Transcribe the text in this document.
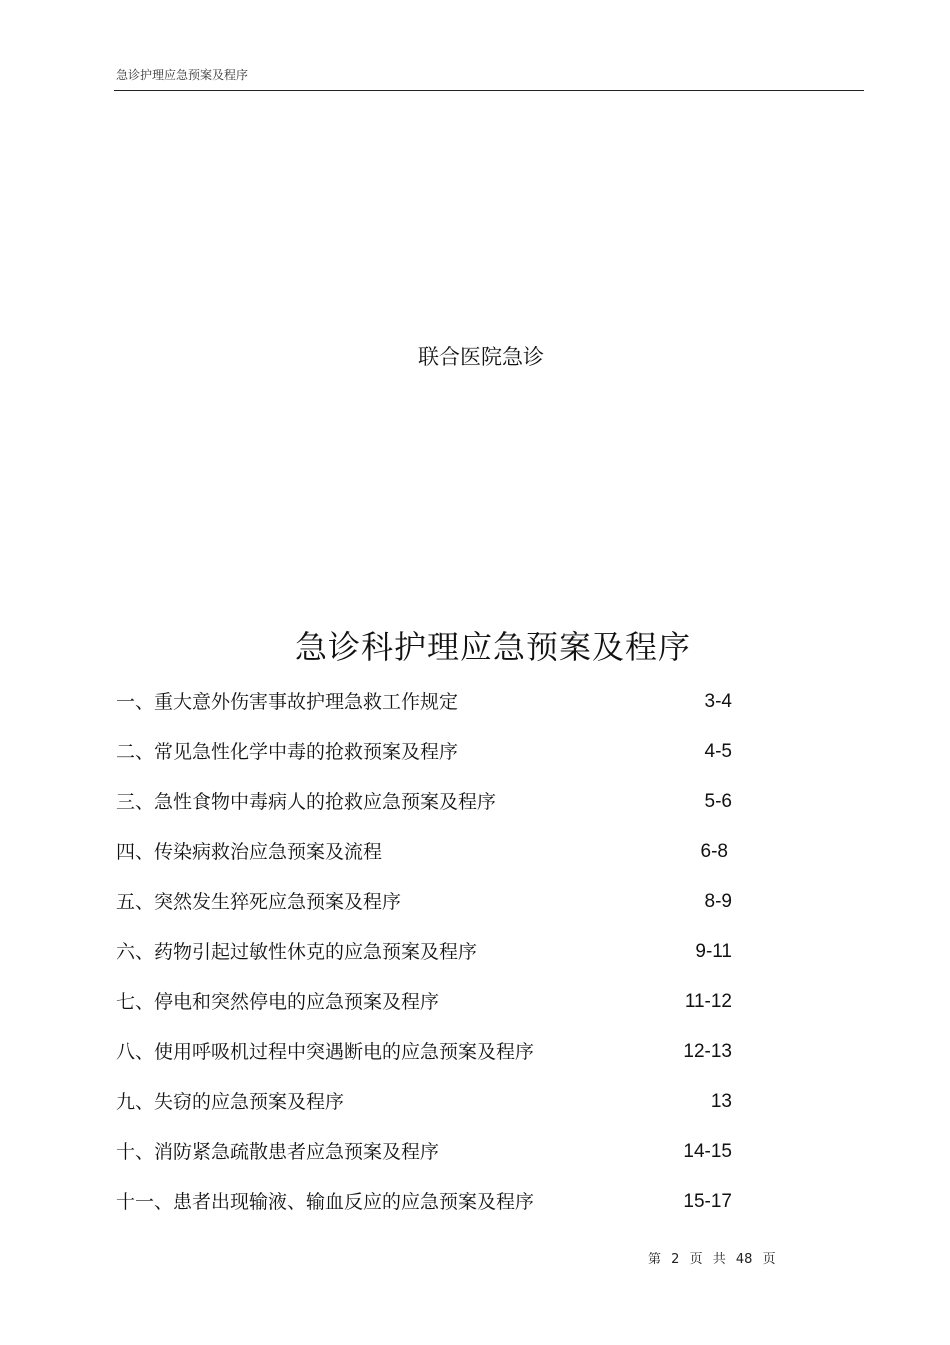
急诊护理应急预案及程序
联合医院急诊
急诊科护理应急预案及程序
一、重大意外伤害事故护理急救工作规定	3-4
二、常见急性化学中毒的抢救预案及程序	4-5
三、急性食物中毒病人的抢救应急预案及程序	5-6
四、传染病救治应急预案及流程	6-8
五、突然发生猝死应急预案及程序	8-9
六、药物引起过敏性休克的应急预案及程序	9-11
七、停电和突然停电的应急预案及程序	11-12
八、使用呼吸机过程中突遇断电的应急预案及程序	12-13
九、失窃的应急预案及程序	13
十、消防紧急疏散患者应急预案及程序	14-15
十一、患者出现输液、输血反应的应急预案及程序	15-17
第 2 页 共 48 页
